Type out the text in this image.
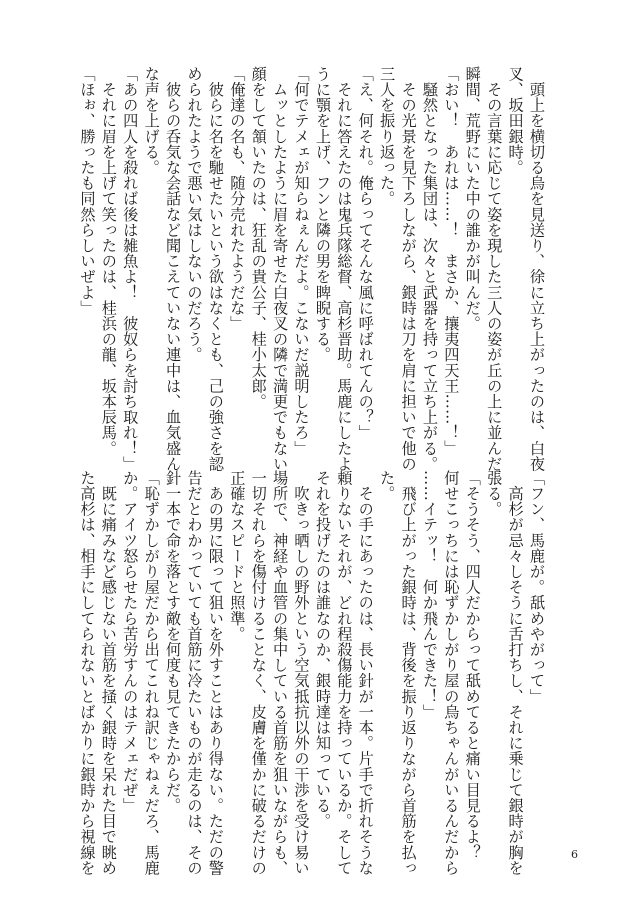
　頭上を横切る烏を見送り、徐に立ち上がったのは、白夜

叉、坂田銀時。

　その言葉に応じて姿を現した三人の姿が丘の上に並んだ

瞬間、荒野にいた中の誰かが叫んだ。

「おい！　あれは……！　まさか、攘夷四天王……！」

　騒然となった集団は、次々と武器を持って立ち上がる。

　その光景を見下ろしながら、銀時は刀を肩に担いで他の

三人を振り返った。

「え、何それ。俺らってそんな風に呼ばれてんの？」

　それに答えたのは鬼兵隊総督、高杉晋助。馬鹿にしたよ

うに顎を上げ、フンと隣の男を睥睨する。

「何でテメェが知らねぇんだよ。こないだ説明したろ」

　ムッとしたように眉を寄せた白夜叉の隣で満更でもない

顔をして頷いたのは、狂乱の貴公子、桂小太郎。

「俺達の名も、随分売れたようだな」

　彼らに名を馳せたいという欲はなくとも、己の強さを認

められたようで悪い気はしないのだろう。

　彼らの呑気な会話など聞こえていない連中は、血気盛ん

な声を上げる。

「あの四人を殺れば後は雑魚よ！　彼奴らを討ち取れ！」

　それに眉を上げて笑ったのは、桂浜の龍、坂本辰馬。

「ほぉ、勝ったも同然らしいぜよ」

「フン、馬鹿が。舐めやがって」

　高杉が忌々しそうに舌打ちし、それに乗じて銀時が胸を

張る。

「そうそう、四人だからって舐めてると痛い目見るよ？

何せこっちには恥ずかしがり屋の烏ちゃんがいるんだから

……イテッ！　何か飛んできた！」

　飛び上がった銀時は、背後を振り返りながら首筋を払っ

た。

　その手にあったのは、長い針が一本。片手で折れそうな

頼りないそれが、どれ程殺傷能力を持っているか。そして

それを投げたのは誰なのか、銀時達は知っている。

　吹きっ晒しの野外という空気抵抗以外の干渉を受け易い

場所で、神経や血管の集中している首筋を狙いながらも、

一切それらを傷付けることなく、皮膚を僅かに破るだけの

正確なスピードと照準。

　あの男に限って狙いを外すことはあり得ない。ただの警

告だとわかっていても首筋に冷たいものが走るのは、その

針一本で命を落とす敵を何度も見てきたからだ。

「恥ずかしがり屋だから出てこれね訳じゃねぇだろ、馬鹿

か。アイツ怒らせたら苦労すんのはテメェだぜ」

　既に痛みなど感じない首筋を掻く銀時を呆れた目で眺め

た高杉は、相手にしてられないとばかりに銀時から視線を	6
